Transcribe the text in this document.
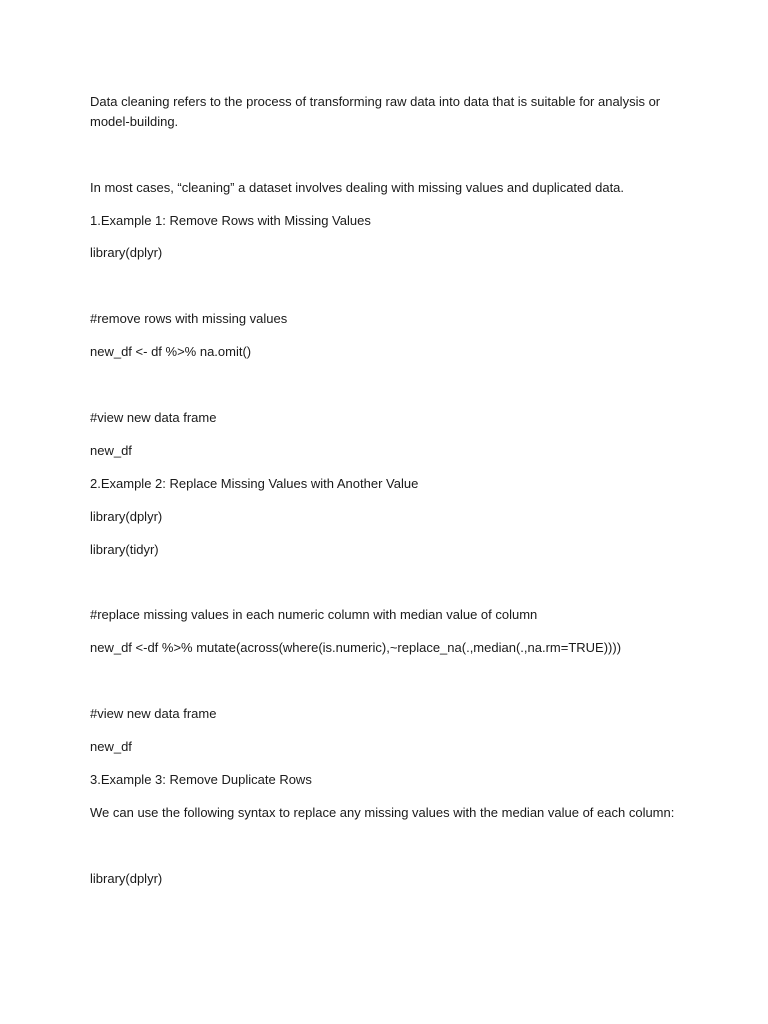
Data cleaning refers to the process of transforming raw data into data that is suitable for analysis or model-building.
In most cases, “cleaning” a dataset involves dealing with missing values and duplicated data.
1.Example 1: Remove Rows with Missing Values
library(dplyr)
#remove rows with missing values
new_df <- df %>% na.omit()
#view new data frame
new_df
2.Example 2: Replace Missing Values with Another Value
library(dplyr)
library(tidyr)
#replace missing values in each numeric column with median value of column
new_df <-df %>% mutate(across(where(is.numeric),~replace_na(.,median(.,na.rm=TRUE))))
#view new data frame
new_df
3.Example 3: Remove Duplicate Rows
We can use the following syntax to replace any missing values with the median value of each column:
library(dplyr)
